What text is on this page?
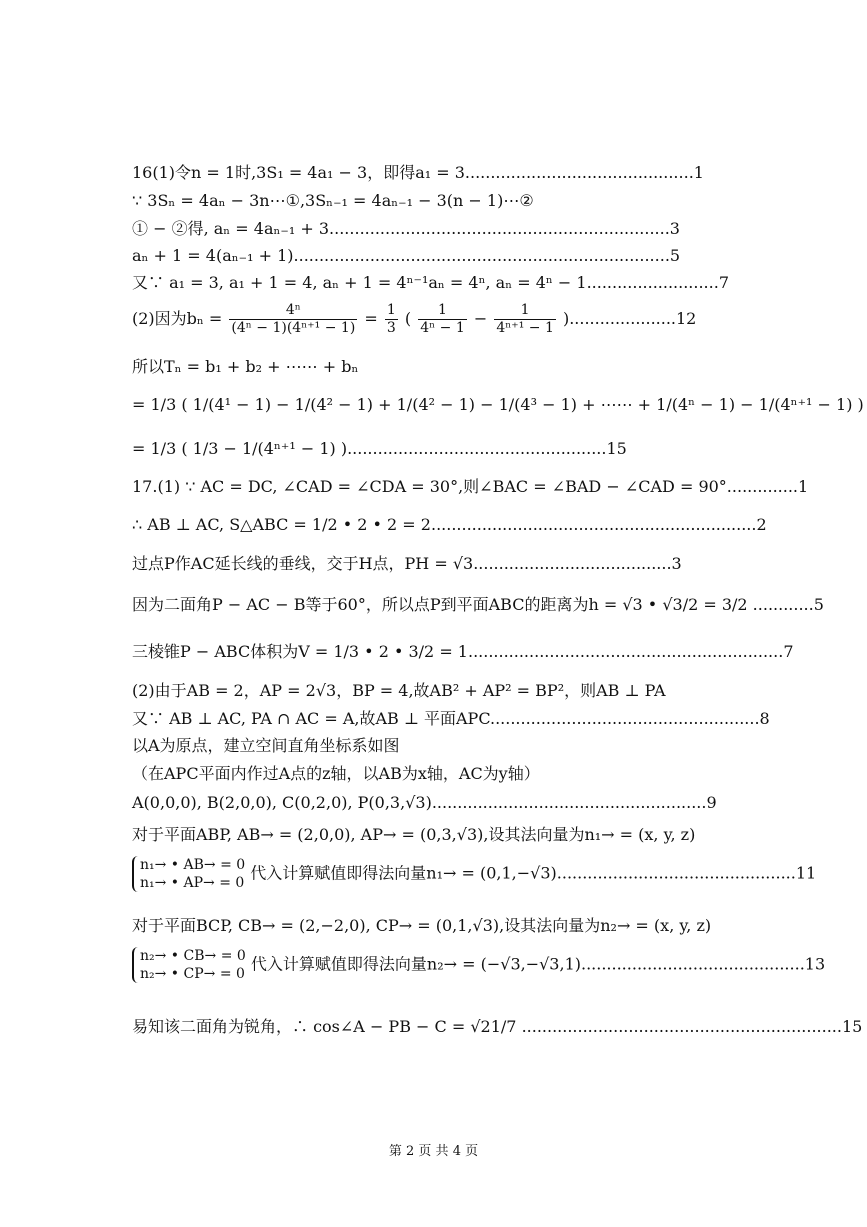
16(1)令n = 1时,3S₁ = 4a₁ − 3，即得a₁ = 3.............................................1
∵ 3Sₙ = 4aₙ − 3n⋯①,3Sₙ₋₁ = 4aₙ₋₁ − 3(n − 1)⋯②
① − ②得, aₙ = 4aₙ₋₁ + 3...................................................................3
aₙ + 1 = 4(aₙ₋₁ + 1)..........................................................................5
又∵ a₁ = 3, a₁ + 1 = 4, aₙ + 1 = 4ⁿ⁻¹aₙ = 4ⁿ, aₙ = 4ⁿ − 1..........................7
(2)因为$b_n = \frac{\text{4ⁿ}}{\text{(4ⁿ − 1)(4ⁿ⁺¹ − 1)}} = \frac{1}{3}$ ( $\frac{1}{\text{4ⁿ − 1}} - \frac{1}{\text{4ⁿ⁺¹ − 1}} ).....................12$
所以Tₙ = b₁ + b₂ + ⋯⋯ + bₙ
= 1/3 ( 1/(4¹ − 1) − 1/(4² − 1) + 1/(4² − 1) − 1/(4³ − 1) + ⋯⋯ + 1/(4ⁿ − 1) − 1/(4ⁿ⁺¹ − 1) )
= 1/3 ( 1/3 − 1/(4ⁿ⁺¹ − 1) )...................................................15
17.(1) ∵ AC = DC, ∠CAD = ∠CDA = 30°,则∠BAC = ∠BAD − ∠CAD = 90°..............1
∴ AB ⊥ AC, S△ABC = 1/2 • 2 • 2 = 2................................................................2
过点P作AC延长线的垂线，交于H点，PH = √3.......................................3
因为二面角P − AC − B等于60°，所以点P到平面ABC的距离为h = √3 • √3/2 = 3/2 ............5
三棱锥P − ABC体积为V = 1/3 • 2 • 3/2 = 1..............................................................7
(2)由于AB = 2，AP = 2√3，BP = 4,故AB² + AP² = BP²，则AB ⊥ PA
又∵ AB ⊥ AC, PA ∩ AC = A,故AB ⊥ 平面APC.....................................................8
以A为原点，建立空间直角坐标系如图
（在APC平面内作过A点的z轴，以AB为x轴，AC为y轴）
A(0,0,0), B(2,0,0), C(0,2,0), P(0,3,√3)......................................................9
对于平面ABP, AB→ = (2,0,0), AP→ = (0,3,√3),设其法向量为n₁→ = (x, y, z)
n₁→ • AB→ = 0
n₁→ • AP→ = 0
代入计算赋值即得法向量n₁→ = (0,1,−√3)...............................................11
对于平面BCP, CB→ = (2,−2,0), CP→ = (0,1,√3),设其法向量为n₂→ = (x, y, z)
n₂→ • CB→ = 0
n₂→ • CP→ = 0
代入计算赋值即得法向量n₂→ = (−√3,−√3,1)............................................13
易知该二面角为锐角，∴ cos∠A − PB − C = √21/7 ...............................................................15
第 2 页 共 4 页
